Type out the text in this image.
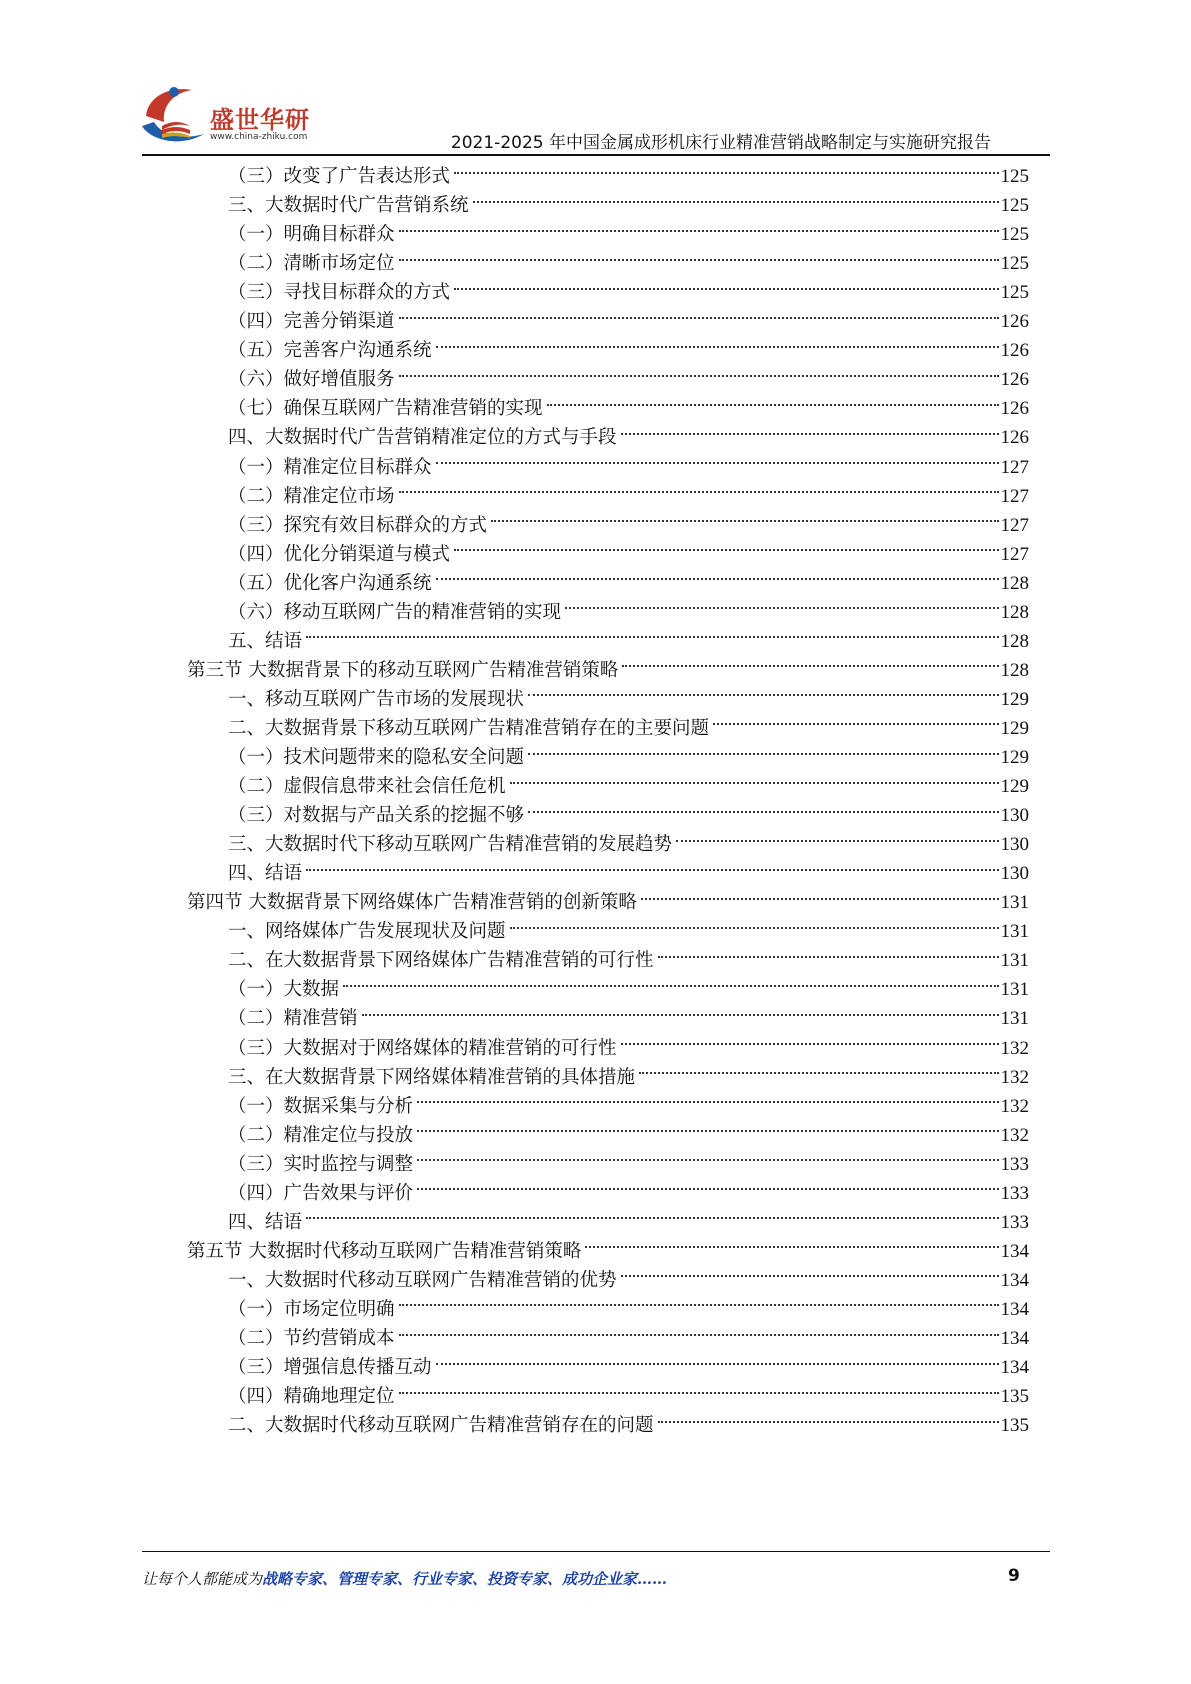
盛世华研
www.china-zhiku.com	2021-2025 年中国金属成形机床行业精准营销战略制定与实施研究报告
（三）改变了广告表达形式	125
三、大数据时代广告营销系统	125
（一）明确目标群众	125
（二）清晰市场定位	125
（三）寻找目标群众的方式	125
（四）完善分销渠道	126
（五）完善客户沟通系统	126
（六）做好增值服务	126
（七）确保互联网广告精准营销的实现	126
四、大数据时代广告营销精准定位的方式与手段	126
（一）精准定位目标群众	127
（二）精准定位市场	127
（三）探究有效目标群众的方式	127
（四）优化分销渠道与模式	127
（五）优化客户沟通系统	128
（六）移动互联网广告的精准营销的实现	128
五、结语	128
第三节 大数据背景下的移动互联网广告精准营销策略	128
一、移动互联网广告市场的发展现状	129
二、大数据背景下移动互联网广告精准营销存在的主要问题	129
（一）技术问题带来的隐私安全问题	129
（二）虚假信息带来社会信任危机	129
（三）对数据与产品关系的挖掘不够	130
三、大数据时代下移动互联网广告精准营销的发展趋势	130
四、结语	130
第四节 大数据背景下网络媒体广告精准营销的创新策略	131
一、网络媒体广告发展现状及问题	131
二、在大数据背景下网络媒体广告精准营销的可行性	131
（一）大数据	131
（二）精准营销	131
（三）大数据对于网络媒体的精准营销的可行性	132
三、在大数据背景下网络媒体精准营销的具体措施	132
（一）数据采集与分析	132
（二）精准定位与投放	132
（三）实时监控与调整	133
（四）广告效果与评价	133
四、结语	133
第五节 大数据时代移动互联网广告精准营销策略	134
一、大数据时代移动互联网广告精准营销的优势	134
（一）市场定位明确	134
（二）节约营销成本	134
（三）增强信息传播互动	134
（四）精确地理定位	135
二、大数据时代移动互联网广告精准营销存在的问题	135
让每个人都能成为战略专家、管理专家、行业专家、投资专家、成功企业家……	9
